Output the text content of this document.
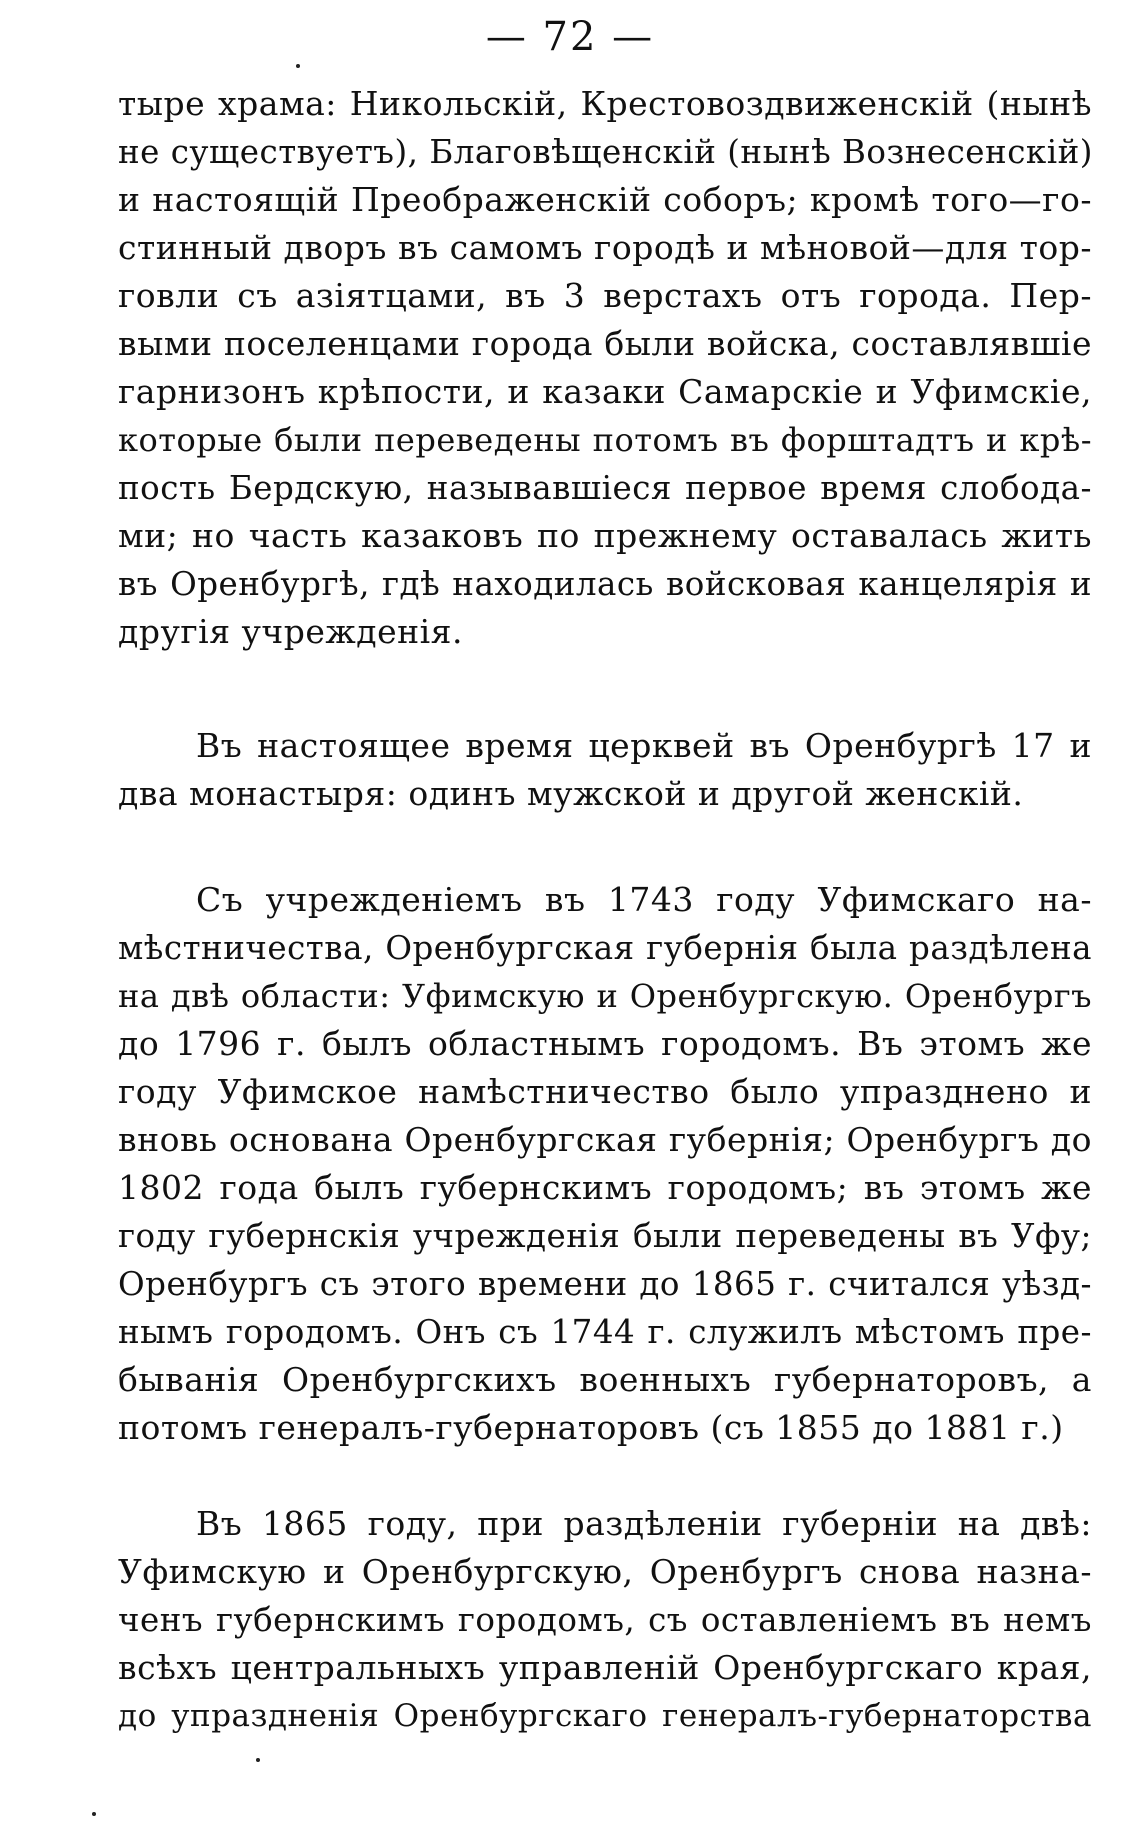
— 72 —
тыре храма: Никольскій, Крестовоздвиженскій (нынѣ
не существуетъ), Благовѣщенскій (нынѣ Вознесенскій)
и настоящій Преображенскій соборъ; кромѣ того—го-
стинный дворъ въ самомъ городѣ и мѣновой—для тор-
говли съ азіятцами, въ 3 верстахъ отъ города. Пер-
выми поселенцами города были войска, составлявшіе
гарнизонъ крѣпости, и казаки Самарскіе и Уфимскіе,
которые были переведены потомъ въ форштадтъ и крѣ-
пость Бердскую, называвшіеся первое время слобода-
ми; но часть казаковъ по прежнему оставалась жить
въ Оренбургѣ, гдѣ находилась войсковая канцелярія и
другія учрежденія.
Въ настоящее время церквей въ Оренбургѣ 17 и
два монастыря: одинъ мужской и другой женскій.
Съ учрежденіемъ въ 1743 году Уфимскаго на-
мѣстничества, Оренбургская губернія была раздѣлена
на двѣ области: Уфимскую и Оренбургскую. Оренбургъ
до 1796 г. былъ областнымъ городомъ. Въ этомъ же
году Уфимское намѣстничество было упразднено и
вновь основана Оренбургская губернія; Оренбургъ до
1802 года былъ губернскимъ городомъ; въ этомъ же
году губернскія учрежденія были переведены въ Уфу;
Оренбургъ съ этого времени до 1865 г. считался уѣзд-
нымъ городомъ. Онъ съ 1744 г. служилъ мѣстомъ пре-
быванія Оренбургскихъ военныхъ губернаторовъ, а
потомъ генералъ-губернаторовъ (съ 1855 до 1881 г.)
Въ 1865 году, при раздѣленіи губерніи на двѣ:
Уфимскую и Оренбургскую, Оренбургъ снова назна-
ченъ губернскимъ городомъ, съ оставленіемъ въ немъ
всѣхъ центральныхъ управленій Оренбургскаго края,
до упраздненія Оренбургскаго генералъ-губернаторства
